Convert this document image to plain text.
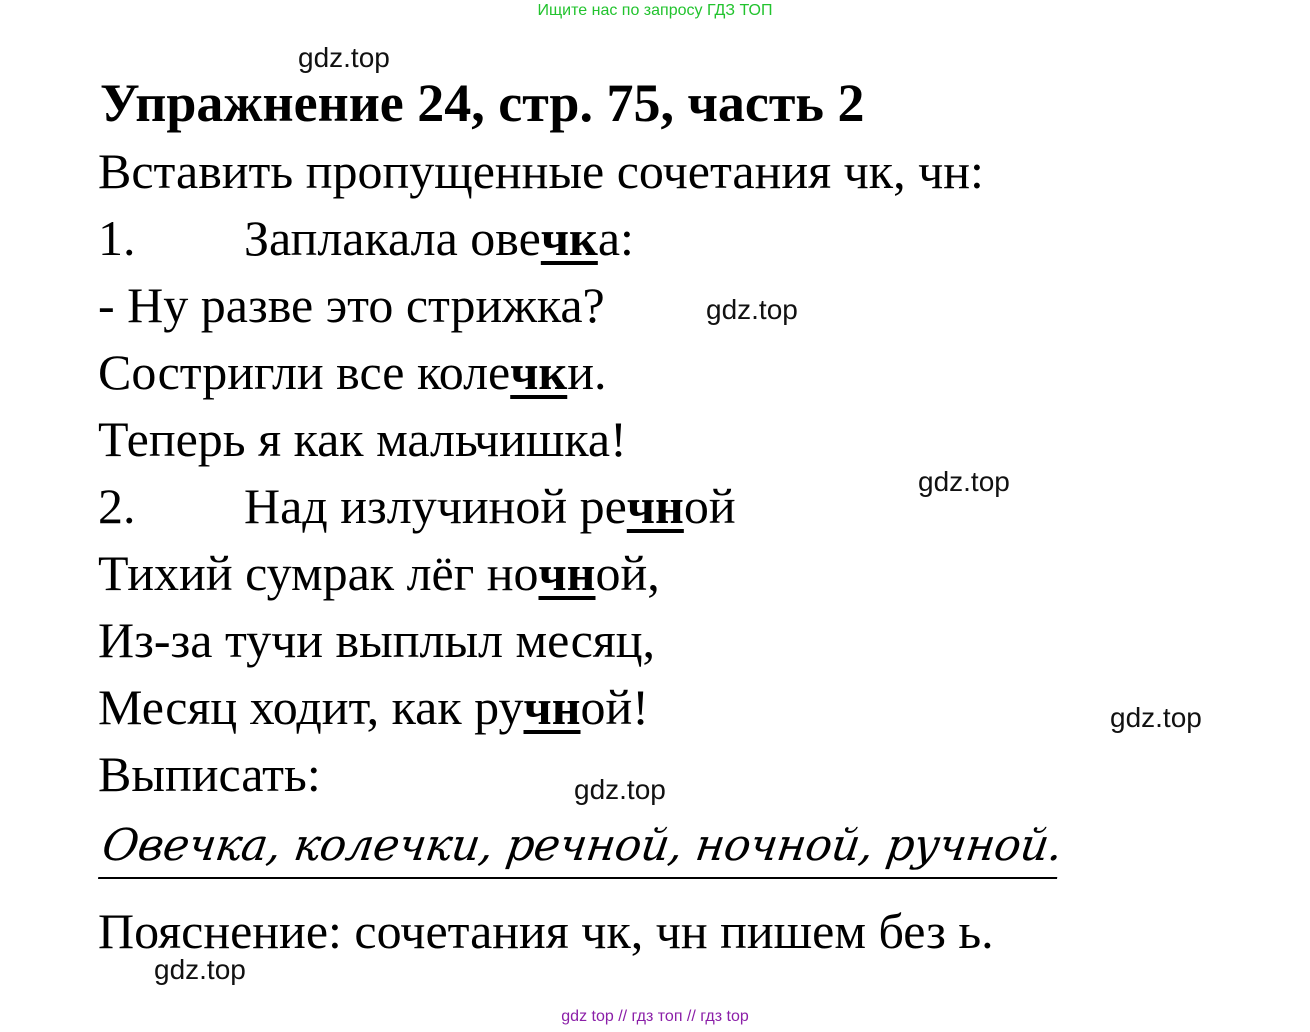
Ищите нас по запросу ГДЗ ТОП
gdz.top
gdz.top
gdz.top
gdz.top
gdz.top
gdz.top
Упражнение 24, стр. 75, часть 2
Вставить пропущенные сочетания чк, чн:
1. Заплакала овечка:
- Ну разве это стрижка?
Состригли все колечки.
Теперь я как мальчишка!
2. Над излучиной речной
Тихий сумрак лёг ночной,
Из-за тучи выплыл месяц,
Месяц ходит, как ручной!
Выписать:
Овечка, колечки, речной, ночной, ручной.
Пояснение: сочетания чк, чн пишем без ь.
gdz top // гдз топ // гдз top
